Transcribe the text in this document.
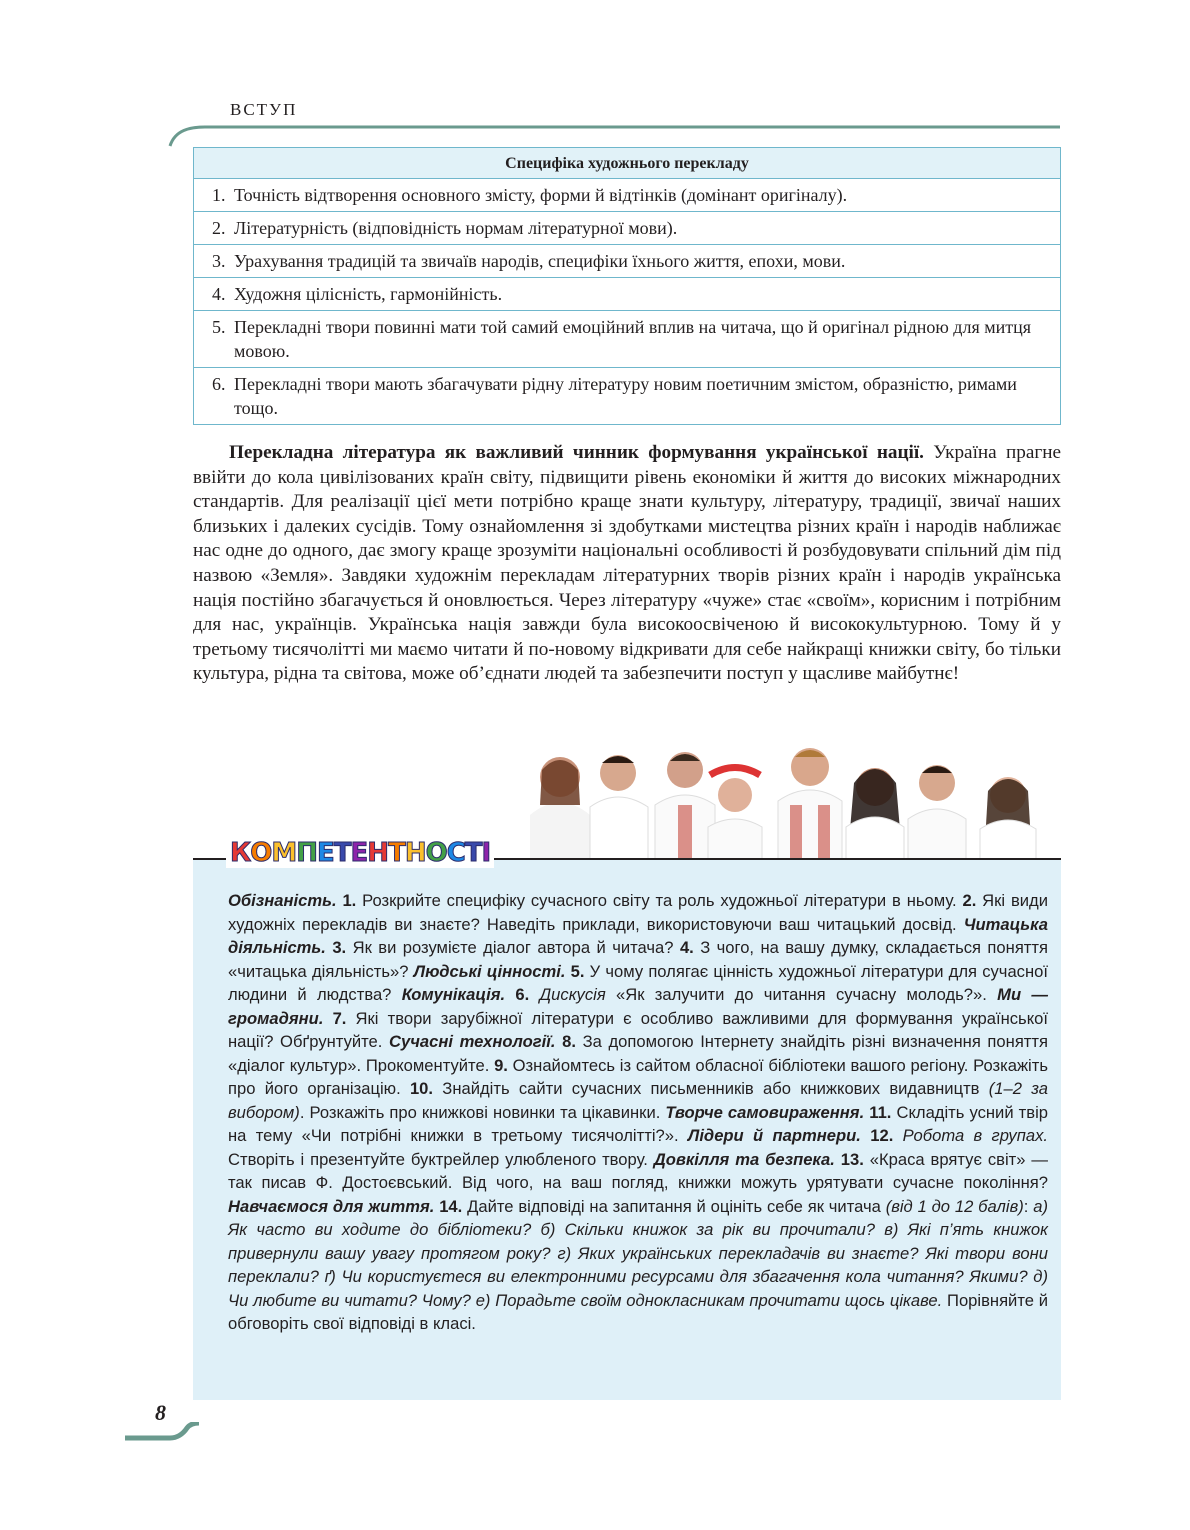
ВСТУП
Специфіка художнього перекладу
1. Точність відтворення основного змісту, форми й відтінків (домінант оригіналу).
2. Літературність (відповідність нормам літературної мови).
3. Урахування традицій та звичаїв народів, специфіки їхнього життя, епохи, мови.
4. Художня цілісність, гармонійність.
5. Перекладні твори повинні мати той самий емоційний вплив на читача, що й оригінал рідною для митця мовою.
6. Перекладні твори мають збагачувати рідну літературу новим поетичним змістом, образністю, римами тощо.
Перекладна література як важливий чинник формування української нації. Україна прагне ввійти до кола цивілізованих країн світу, підвищити рівень економіки й життя до високих міжнародних стандартів. Для реалізації цієї мети потрібно краще знати культуру, літературу, традиції, звичаї наших близьких і далеких сусідів. Тому ознайомлення зі здобутками мистецтва різних країн і народів наближає нас одне до одного, дає змогу краще зрозуміти національні особливості й розбудовувати спільний дім під назвою «Земля». Завдяки художнім перекладам літературних творів різних країн і народів українська нація постійно збагачується й оновлюється. Через літературу «чуже» стає «своїм», корисним і потрібним для нас, українців. Українська нація завжди була високоосвіченою й висококультурною. Тому й у третьому тисячолітті ми маємо читати й по-новому відкривати для себе найкращі книжки світу, бо тільки культура, рідна та світова, може об’єднати людей та забезпечити поступ у щасливе майбутнє!
КОМПЕТЕНТНОСТІ
Обізнаність. 1. Розкрийте специфіку сучасного світу та роль художньої літератури в ньому. 2. Які види художніх перекладів ви знаєте? Наведіть приклади, використовуючи ваш читацький досвід. Читацька діяльність. 3. Як ви розумієте діалог автора й читача? 4. З чого, на вашу думку, складається поняття «читацька діяльність»? Людські цінності. 5. У чому полягає цінність художньої літератури для сучасної людини й людства? Комунікація. 6. Дискусія «Як залучити до читання сучасну молодь?». Ми — громадяни. 7. Які твори зарубіжної літератури є особливо важливими для формування української нації? Обґрунтуйте. Сучасні технології. 8. За допомогою Інтернету знайдіть різні визначення поняття «діалог культур». Прокоментуйте. 9. Ознайомтесь із сайтом обласної бібліотеки вашого регіону. Розкажіть про його організацію. 10. Знайдіть сайти сучасних письменників або книжкових видавництв (1–2 за вибором). Розкажіть про книжкові новинки та цікавинки. Творче самовираження. 11. Складіть усний твір на тему «Чи потрібні книжки в третьому тисячолітті?». Лідери й партнери. 12. Робота в групах. Створіть і презентуйте буктрейлер улюбленого твору. Довкілля та безпека. 13. «Краса врятує світ» — так писав Ф. Достоєвський. Від чого, на ваш погляд, книжки можуть урятувати сучасне покоління? Навчаємося для життя. 14. Дайте відповіді на запитання й оцініть себе як читача (від 1 до 12 балів): а) Як часто ви ходите до бібліотеки? б) Скільки книжок за рік ви прочитали? в) Які п’ять книжок привернули вашу увагу протягом року? г) Яких українських перекладачів ви знаєте? Які твори вони переклали? ґ) Чи користуєтеся ви електронними ресурсами для збагачення кола читання? Якими? д) Чи любите ви читати? Чому? е) Порадьте своїм однокласникам прочитати щось цікаве. Порівняйте й обговоріть свої відповіді в класі.
8
